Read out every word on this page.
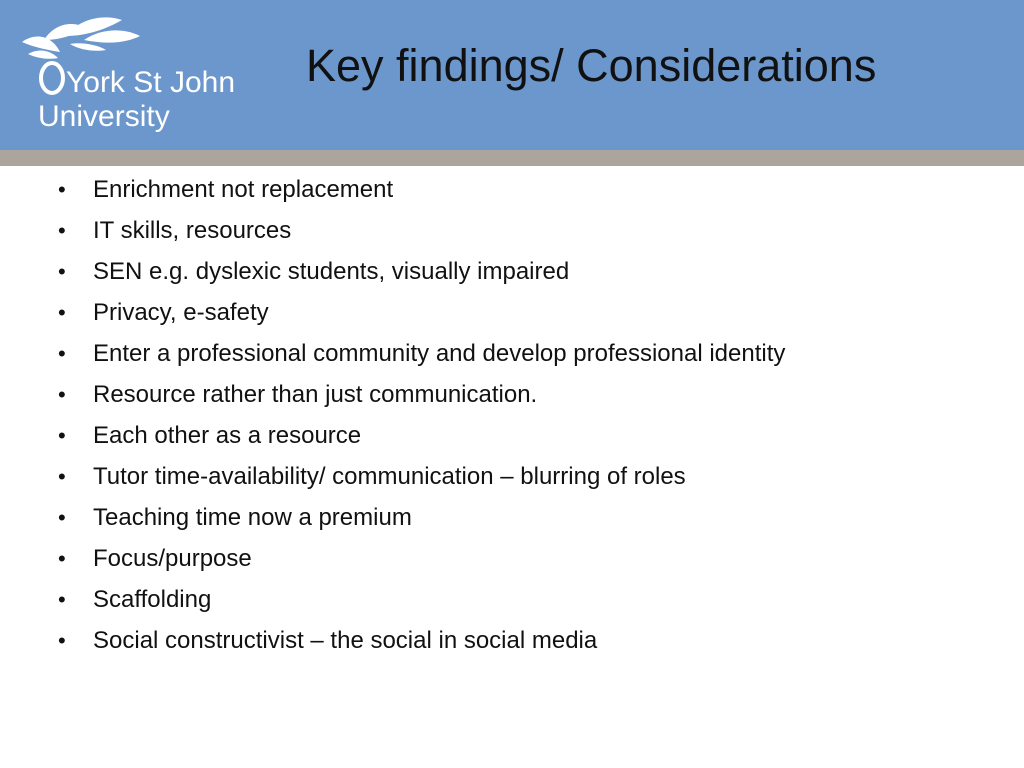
York St John
University
Key findings/ Considerations
• Enrichment not replacement
• IT skills, resources
• SEN e.g. dyslexic students, visually impaired
• Privacy, e-safety
• Enter a professional community and develop professional identity
• Resource rather than just communication.
• Each other as a resource
• Tutor time-availability/ communication – blurring of roles
• Teaching time now a premium
• Focus/purpose
• Scaffolding
• Social constructivist – the social in social media
